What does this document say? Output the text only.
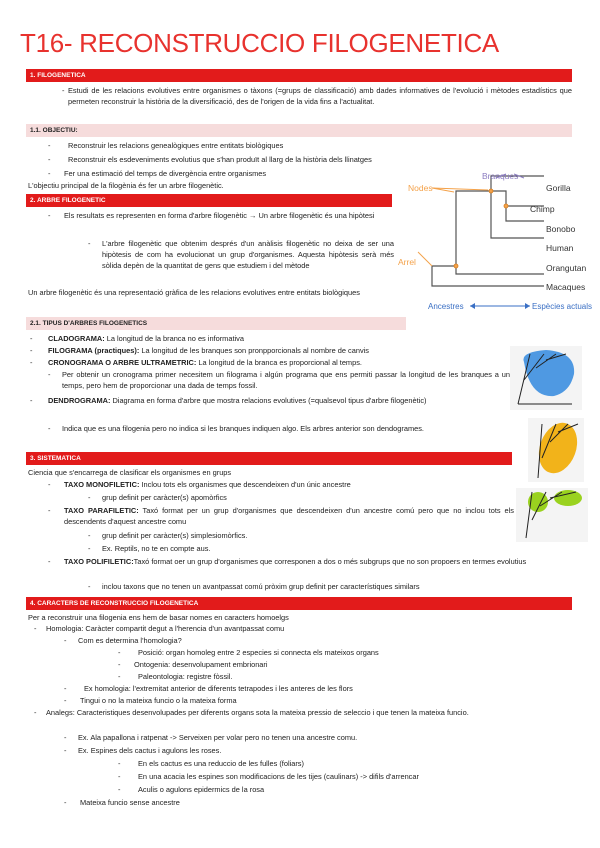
T16- RECONSTRUCCIO FILOGENETICA
1. FILOGENETICA
- Estudi de les relacions evolutives entre organismes o tàxons (=grups de classificació) amb dades informatives de l'evolució i mètodes estadístics que permeten reconstruir la història de la diversificació, des de l'origen de la vida fins a l'actualitat.
1.1. OBJECTIU:
- Reconstruir les relacions genealògiques entre entitats biològiques
- Reconstruir els esdeveniments evolutius que s'han produït al llarg de la història dels llinatges
- Fer una estimació del temps de divergència entre organismes
L'objectiu principal de la filogènia és fer un arbre filogenètic.
2. ARBRE FILOGENETIC
- Els resultats es representen en forma d'arbre filogenètic → Un arbre filogenètic és una hipòtesi
- L'arbre filogenètic que obtenim després d'un anàlisis filogenètic no deixa de ser una hipòtesis de com ha evolucionat un grup d'organismes. Aquesta hipòtesis serà més sòlida depèn de la quantitat de gens que estudiem i del mètode
Un arbre filogenètic és una representació gràfica de les relacions evolutives entre entitats biològiques
Nodes
Branques
Arrel
Gorilla
Chimp
Bonobo
Human
Orangutan
Macaques
Ancestres	Espècies actuals
2.1. TIPUS D'ARBRES FILOGENETICS
- CLADOGRAMA: La longitud de la branca no es informativa
- FILOGRAMA (practiques): La longitud de les branques son pronpporcionals al nombre de canvis
- CRONOGRAMA O ARBRE ULTRAMETRIC: La longitud de la branca es proporcional al temps.
- Per obtenir un cronograma primer necesitem un filograma i algún programa que ens permiti passar la longitud de les branques a un temps, pero hem de proporcionar una dada de temps fossil.
- DENDROGRAMA: Diagrama en forma d'arbre que mostra relacions evolutives (=qualsevol tipus d'arbre filogenètic)
- Indica que es una filogenia pero no indica si les branques indiquen algo. Els arbres anterior son dendogrames.
3. SISTEMATICA
Ciencia que s'encarrega de clasificar els organismes en grups
- TAXO MONOFILETIC: Inclou tots els organismes que descendeixen d'un únic ancestre
- grup definit per caràcter(s) apomòrfics
- TAXO PARAFILETIC: Taxó format per un grup d'organismes que descendeixen d'un ancestre comú pero que no inclou tots els descendents d'aquest ancestre comu
- grup definit per caràcter(s) simplesiomòrfics.
- Ex. Reptils, no te en compte aus.
- TAXO POLIFILETIC:Taxó format oer un grup d'organismes que corresponen a dos o més subgrups que no son propoers en termes evolutius
- inclou taxons que no tenen un avantpassat comú pròxim grup definit per característiques similars
4. CARACTERS DE RECONSTRUCCIO FILOGENETICA
Per a reconstruir una filogenia ens hem de basar nomes en caracters homoelgs
- Homologia: Caràcter compartit degut a l'herencia d'un avantpassat comu
- Com es determina l'homologia?
- Posició: organ homoleg entre 2 especies si connecta els mateixos organs
- Ontogenia: desenvolupament embrionari
- Paleontologia: registre fòssil.
- Ex homologia: l'extremitat anterior de diferents tetrapodes i les anteres de les flors
- Tingui o no la mateixa funcio o la mateixa forma
- Analegs: Caracteristiques desenvolupades per diferents organs sota la mateixa pressio de seleccio i que tenen la mateixa funcio.
- Ex. Ala papallona i ratpenat -> Serveixen per volar pero no tenen una ancestre comu.
- Ex. Espines dels cactus i agulons les roses.
- En els cactus es una reduccio de les fulles (foliars)
- En una acacia les espines son modificacions de les tijes (caulinars) -> difils d'arrencar
- Aculis o agulons epidermics de la rosa
- Mateixa funcio sense ancestre
